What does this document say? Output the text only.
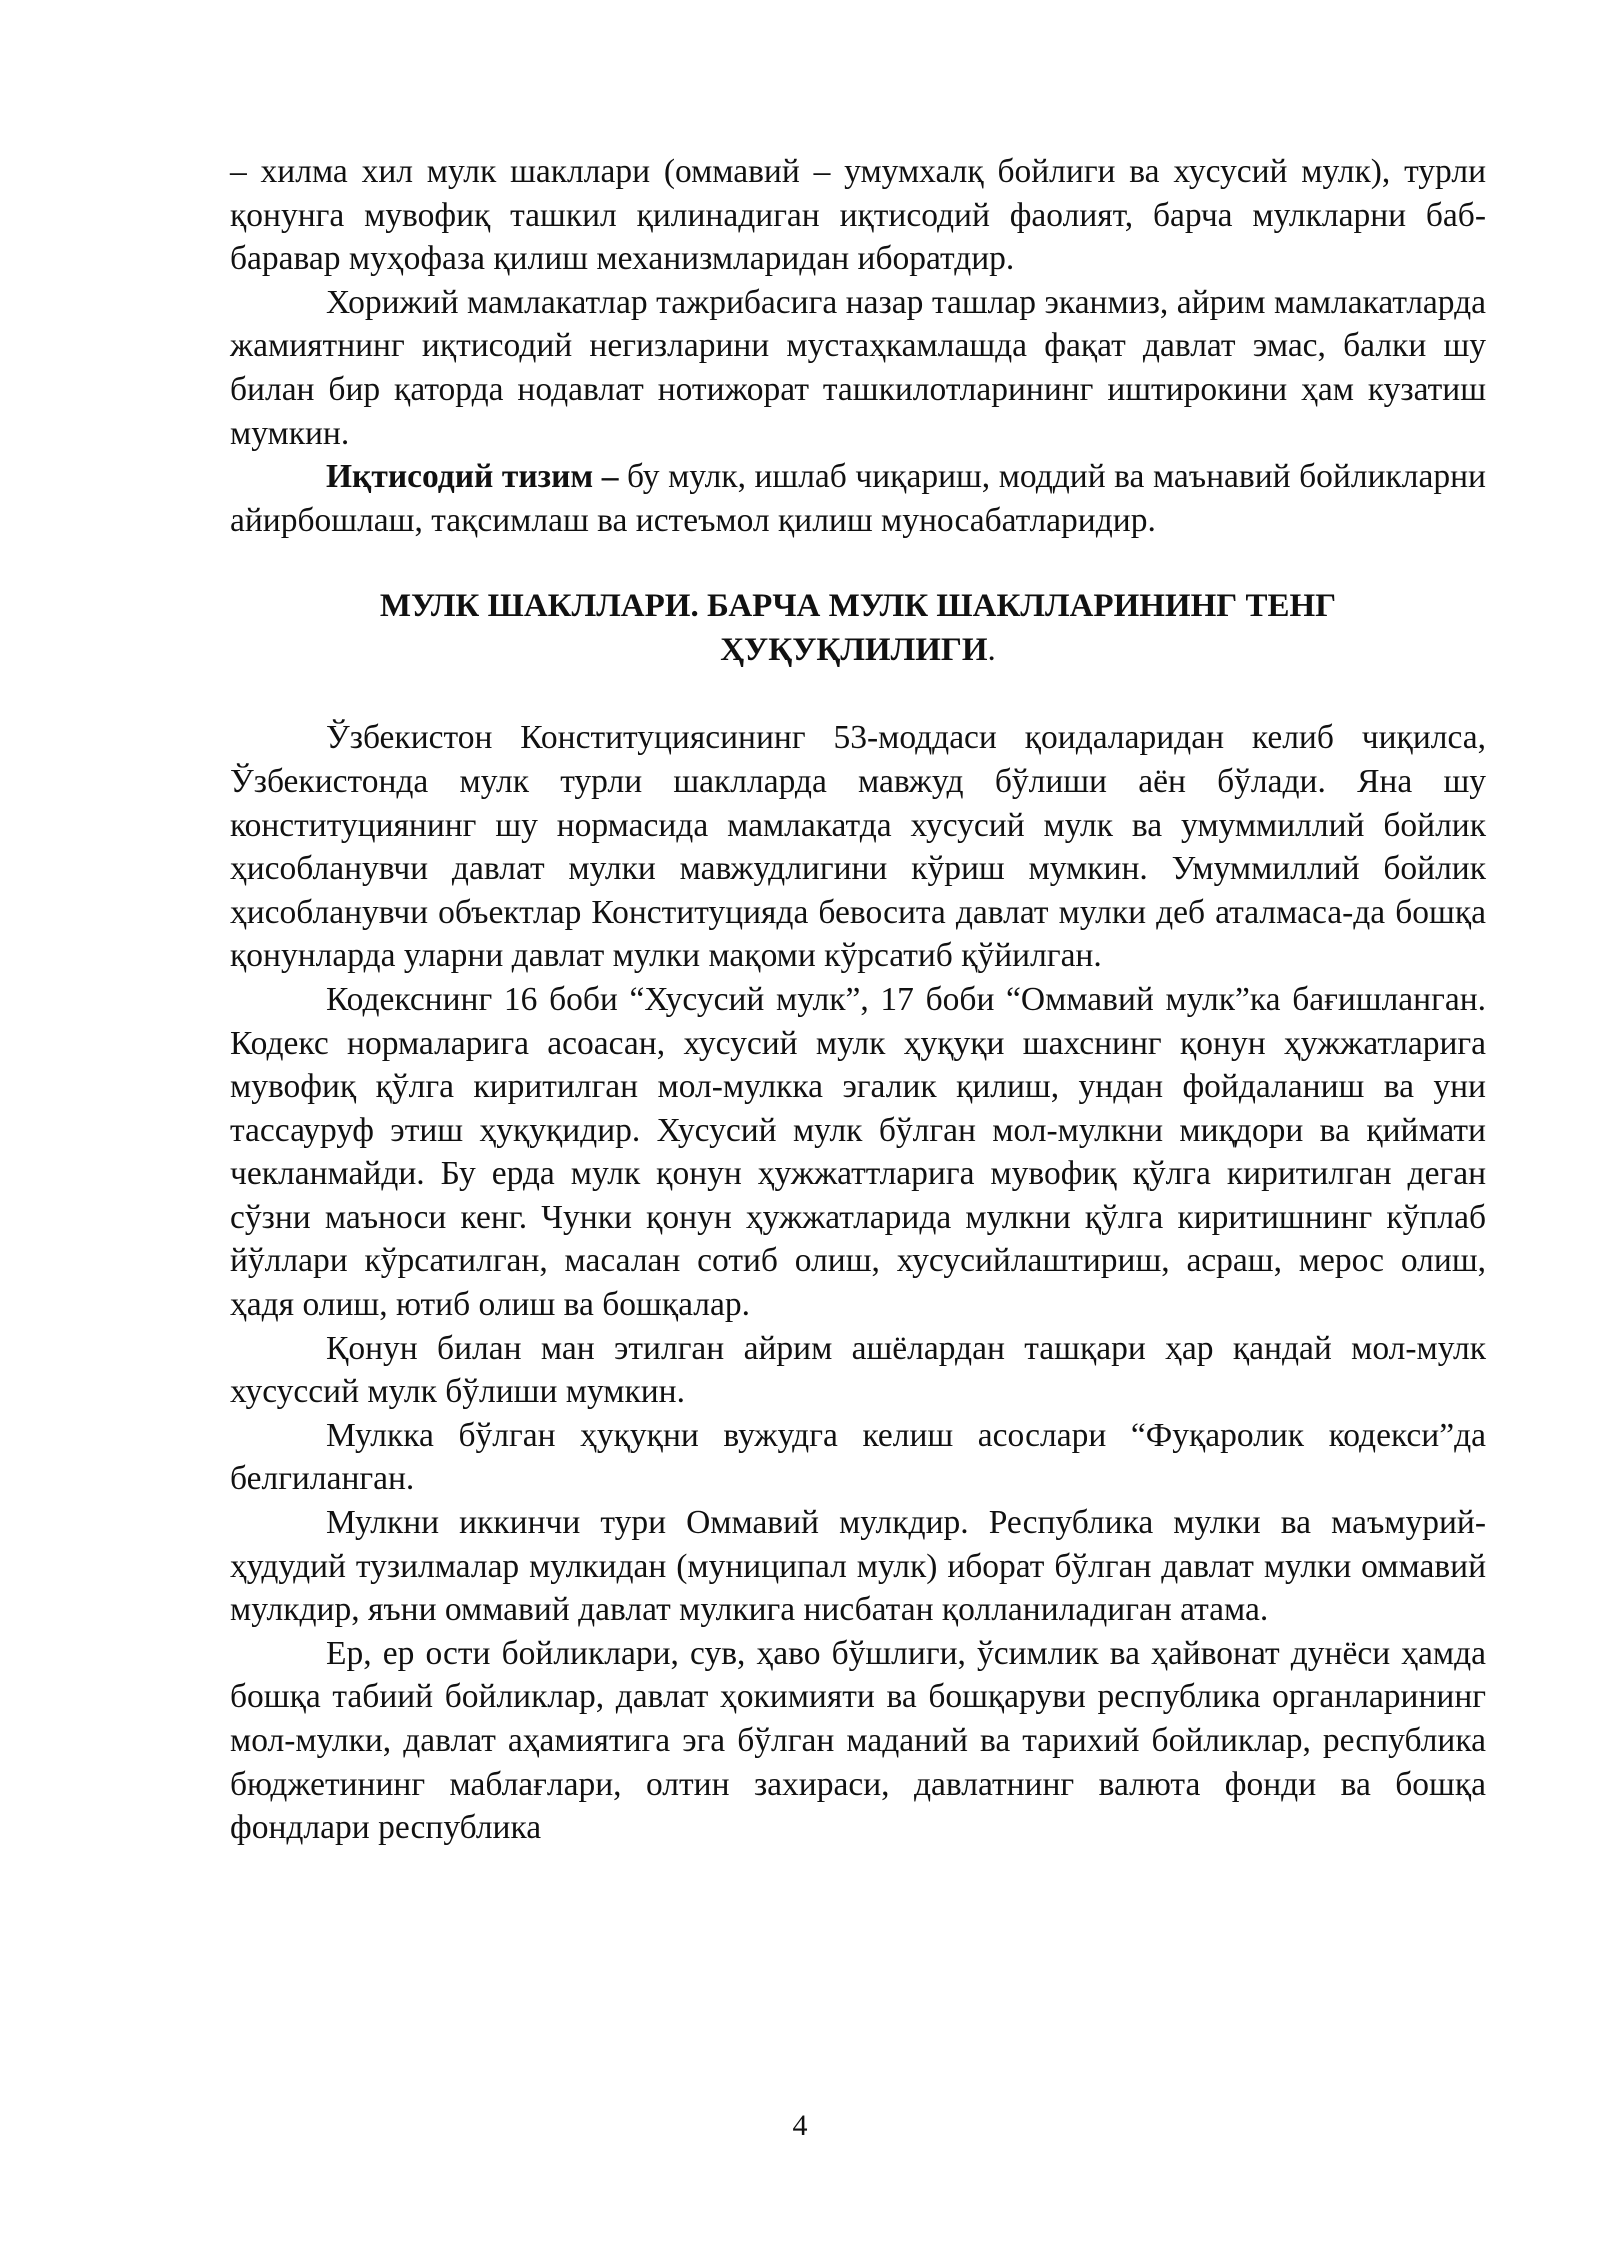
– хилма хил мулк шакллари (оммавий – умумхалқ бойлиги ва хусусий мулк), турли қонунга мувофиқ ташкил қилинадиган иқтисодий фаолият, барча мулкларни баб-баравар муҳофаза қилиш механизмларидан иборатдир.

Хорижий мамлакатлар тажрибасига назар ташлар эканмиз, айрим мамлакатларда жамиятнинг иқтисодий негизларини мустаҳкамлашда фақат давлат эмас, балки шу билан бир қаторда нодавлат нотижорат ташкилотларининг иштирокини ҳам кузатиш мумкин.

Иқтисодий тизим – бу мулк, ишлаб чиқариш, моддий ва маънавий бойликларни айирбошлаш, тақсимлаш ва истеъмол қилиш муносабатларидир.

МУЛК ШАКЛЛАРИ. БАРЧА МУЛК ШАКЛЛАРИНИНГ ТЕНГ
ҲУҚУҚЛИЛИГИ.

Ўзбекистон Конституциясининг 53-моддаси қоидаларидан келиб чиқилса, Ўзбекистонда мулк турли шаклларда мавжуд бўлиши аён бўлади. Яна шу конституциянинг шу нормасида мамлакатда хусусий мулк ва умуммиллий бойлик ҳисобланувчи давлат мулки мавжудлигини кўриш мумкин. Умуммиллий бойлик ҳисобланувчи объектлар Конституцияда бевосита давлат мулки деб аталмаса-да бошқа қонунларда уларни давлат мулки мақоми кўрсатиб қўйилган.

Кодекснинг 16 боби “Хусусий мулк”, 17 боби “Оммавий мулк”ка бағишланган. Кодекс нормаларига асоасан, хусусий мулк ҳуқуқи шахснинг қонун ҳужжатларига мувофиқ қўлга киритилган мол-мулкка эгалик қилиш, ундан фойдаланиш ва уни тассауруф этиш ҳуқуқидир. Хусусий мулк бўлган мол-мулкни миқдори ва қиймати чекланмайди. Бу ерда мулк қонун ҳужжаттларига мувофиқ қўлга киритилган деган сўзни маъноси кенг. Чунки қонун ҳужжатларида мулкни қўлга киритишнинг кўплаб йўллари кўрсатилган, масалан сотиб олиш, хусусийлаштириш, асраш, мерос олиш, ҳадя олиш, ютиб олиш ва бошқалар.

Қонун билан ман этилган айрим ашёлардан ташқари ҳар қандай мол-мулк хусуссий мулк бўлиши мумкин.

Мулкка бўлган ҳуқуқни вужудга келиш асослари “Фуқаролик кодекси”да белгиланган.

Мулкни иккинчи тури Оммавий мулкдир. Республика мулки ва маъмурий-ҳудудий тузилмалар мулкидан (муниципал мулк) иборат бўлган давлат мулки оммавий мулкдир, яъни оммавий давлат мулкига нисбатан қолланиладиган атама.

Ер, ер ости бойликлари, сув, ҳаво бўшлиги, ўсимлик ва ҳайвонат дунёси ҳамда бошқа табиий бойликлар, давлат ҳокимияти ва бошқаруви республика органларининг мол-мулки, давлат аҳамиятига эга бўлган маданий ва тарихий бойликлар, республика бюджетининг маблағлари, олтин захираси, давлатнинг валюта фонди ва бошқа фондлари республика

4
